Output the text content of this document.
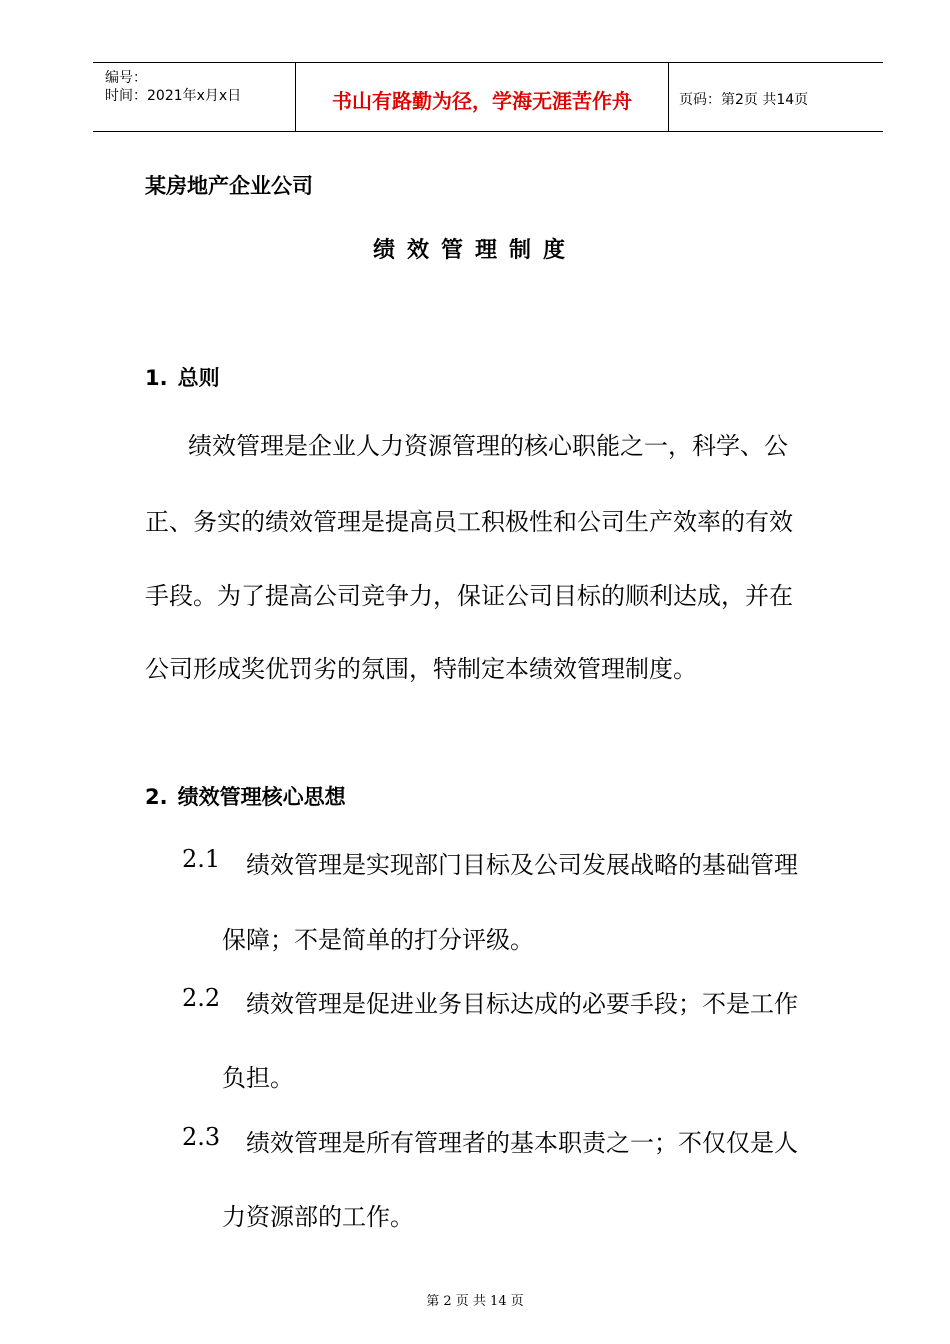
编号：
时间：2021年x月x日	书山有路勤为径，学海无涯苦作舟	页码：第2页 共14页
某房地产企业公司
绩效管理制度
1. 总则
绩效管理是企业人力资源管理的核心职能之一，科学、公
正、务实的绩效管理是提高员工积极性和公司生产效率的有效
手段。为了提高公司竞争力，保证公司目标的顺利达成，并在
公司形成奖优罚劣的氛围，特制定本绩效管理制度。
2. 绩效管理核心思想
2.1 绩效管理是实现部门目标及公司发展战略的基础管理
保障；不是简单的打分评级。
2.2 绩效管理是促进业务目标达成的必要手段；不是工作
负担。
2.3 绩效管理是所有管理者的基本职责之一；不仅仅是人
力资源部的工作。
第 2 页 共 14 页
